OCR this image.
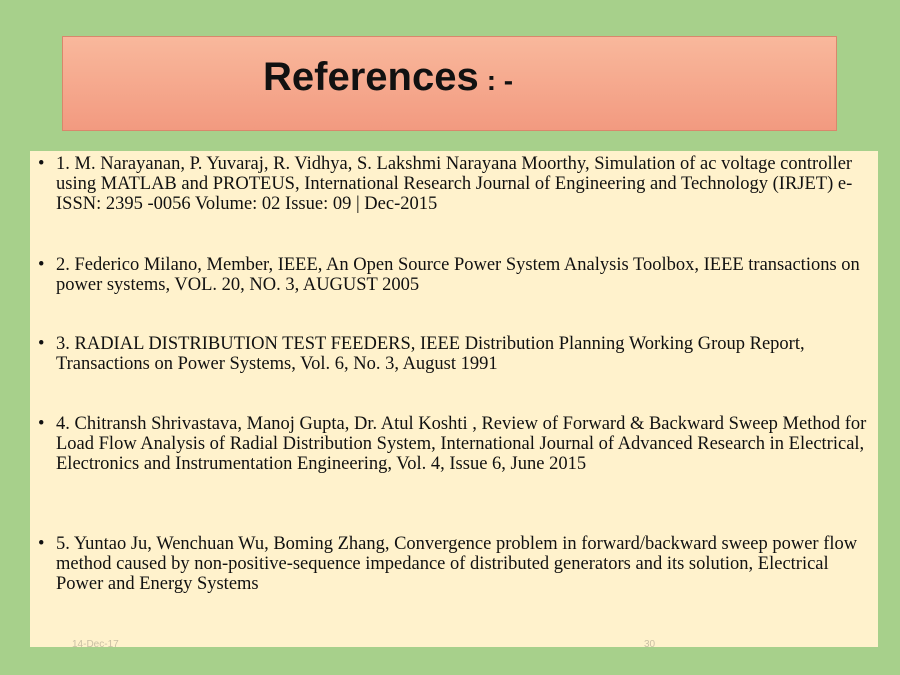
References : -
• 1. M. Narayanan, P. Yuvaraj, R. Vidhya, S. Lakshmi Narayana Moorthy, Simulation of ac voltage controller using MATLAB and PROTEUS, International Research Journal of Engineering and Technology (IRJET) e-ISSN: 2395 -0056 Volume: 02 Issue: 09 | Dec-2015
• 2. Federico Milano, Member, IEEE, An Open Source Power System Analysis Toolbox, IEEE transactions on power systems, VOL. 20, NO. 3, AUGUST 2005
• 3. RADIAL DISTRIBUTION TEST FEEDERS, IEEE Distribution Planning Working Group Report, Transactions on Power Systems, Vol. 6, No. 3, August 1991
• 4. Chitransh Shrivastava, Manoj Gupta, Dr. Atul Koshti , Review of Forward & Backward Sweep Method for Load Flow Analysis of Radial Distribution System, International Journal of Advanced Research in Electrical, Electronics and Instrumentation Engineering, Vol. 4, Issue 6, June 2015
• 5. Yuntao Ju, Wenchuan Wu, Boming Zhang, Convergence problem in forward/backward sweep power flow method caused by non-positive-sequence impedance of distributed generators and its solution, Electrical Power and Energy Systems
14-Dec-17	30
